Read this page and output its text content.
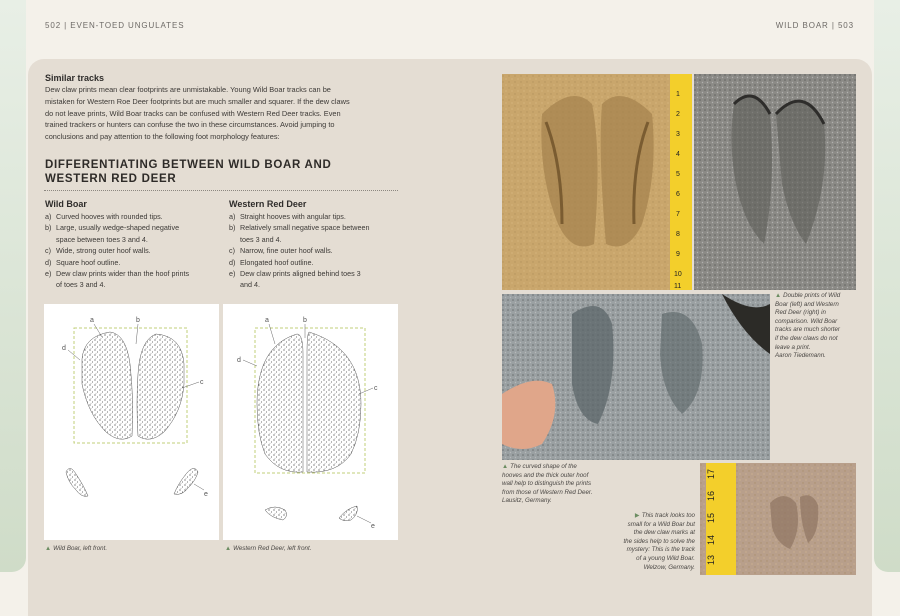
502 | EVEN-TOED UNGULATES	WILD BOAR | 503
Similar tracks
Dew claw prints mean clear footprints are unmistakable. Young Wild Boar tracks can be
mistaken for Western Roe Deer footprints but are much smaller and squarer. If the dew claws
do not leave prints, Wild Boar tracks can be confused with Western Red Deer tracks. Even
trained trackers or hunters can confuse the two in these circumstances. Avoid jumping to
conclusions and pay attention to the following foot morphology features:
DIFFERENTIATING BETWEEN WILD BOAR AND
WESTERN RED DEER
Wild Boar
a) Curved hooves with rounded tips.
b) Large, usually wedge-shaped negative
space between toes 3 and 4.
c) Wide, strong outer hoof walls.
d) Square hoof outline.
e) Dew claw prints wider than the hoof prints
of toes 3 and 4.
Western Red Deer
a) Straight hooves with angular tips.
b) Relatively small negative space between
toes 3 and 4.
c) Narrow, fine outer hoof walls.
d) Elongated hoof outline.
e) Dew claw prints aligned behind toes 3
and 4.
a	b
c
d
e
a	b
c
d
e
▲ Wild Boar, left front.	▲ Western Red Deer, left front.
1
2
3
4
5
6
7
8
9
10
11
13
14
15
16
17
▲ Double prints of Wild
Boar (left) and Western
Red Deer (right) in
comparison. Wild Boar
tracks are much shorter
if the dew claws do not
leave a print.
Aaron Tiedemann.
▲ The curved shape of the
hooves and the thick outer hoof
wall help to distinguish the prints
from those of Western Red Deer.
Lausitz, Germany.
▶ This track looks too
small for a Wild Boar but
the dew claw marks at
the sides help to solve the
mystery: This is the track
of a young Wild Boar.
Welzow, Germany.
